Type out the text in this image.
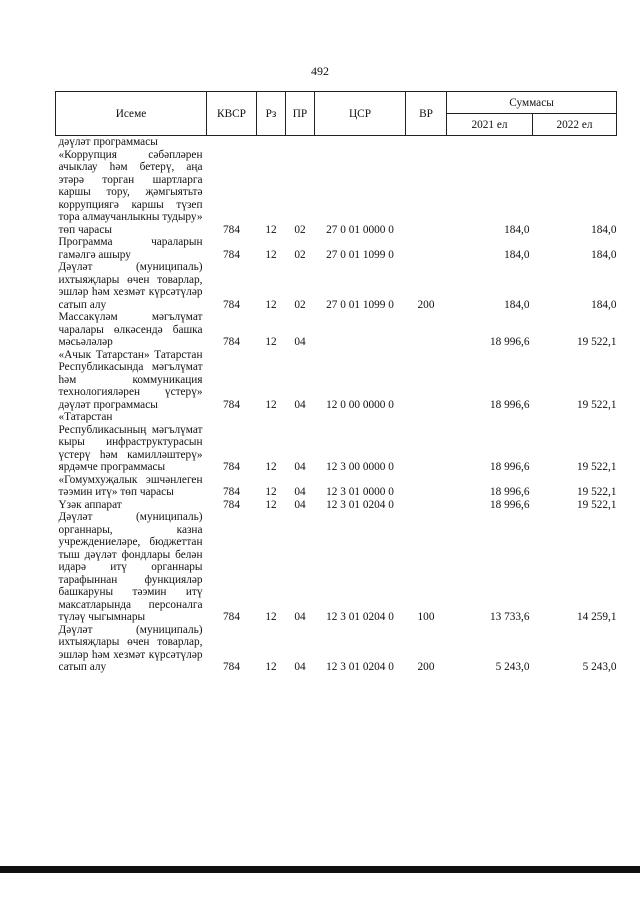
492
Исеме	КВСР	Рз	ПР	ЦСР	ВР	Суммасы	
						2021 ел	2022 ел
дәүләт программасы							
«Коррупция сәбәпләрен ачыклау һәм бетерү, аңа этәрә торган шартларга каршы тору, җәмгыятьтә коррупциягә каршы түзеп тора алмаучанлыкны тудыру» төп чарасы	784	12	02	27 0 01 0000 0		184,0	184,0
Программа чараларын гамәлгә ашыру	784	12	02	27 0 01 1099 0		184,0	184,0
Дәүләт (муниципаль) ихтыяҗлары өчен товарлар, эшләр һәм хезмәт күрсәтүләр сатып алу	784	12	02	27 0 01 1099 0	200	184,0	184,0
Массакүләм мәгълүмат чаралары өлкәсендә башка мәсьәләләр	784	12	04			18 996,6	19 522,1
«Ачык Татарстан» Татарстан Республикасында мәгълүмат һәм коммуникация технологияләрен үстерү» дәүләт программасы	784	12	04	12 0 00 0000 0		18 996,6	19 522,1
«Татарстан Республикасының мәгълүмат кыры инфраструктурасын үстерү һәм камилләштерү» ярдәмче программасы	784	12	04	12 3 00 0000 0		18 996,6	19 522,1
«Гомумхуҗалык эшчәнлеген тәэмин итү» төп чарасы	784	12	04	12 3 01 0000 0		18 996,6	19 522,1
Үзәк аппарат	784	12	04	12 3 01 0204 0		18 996,6	19 522,1
Дәүләт (муниципаль) органнары, казна учреждениеләре, бюджеттан тыш дәүләт фондлары белән идарә итү органнары тарафыннан функцияләр башкаруны тәэмин итү максатларында персоналга түләү чыгымнары	784	12	04	12 3 01 0204 0	100	13 733,6	14 259,1
Дәүләт (муниципаль) ихтыяҗлары өчен товарлар, эшләр һәм хезмәт күрсәтүләр сатып алу	784	12	04	12 3 01 0204 0	200	5 243,0	5 243,0
